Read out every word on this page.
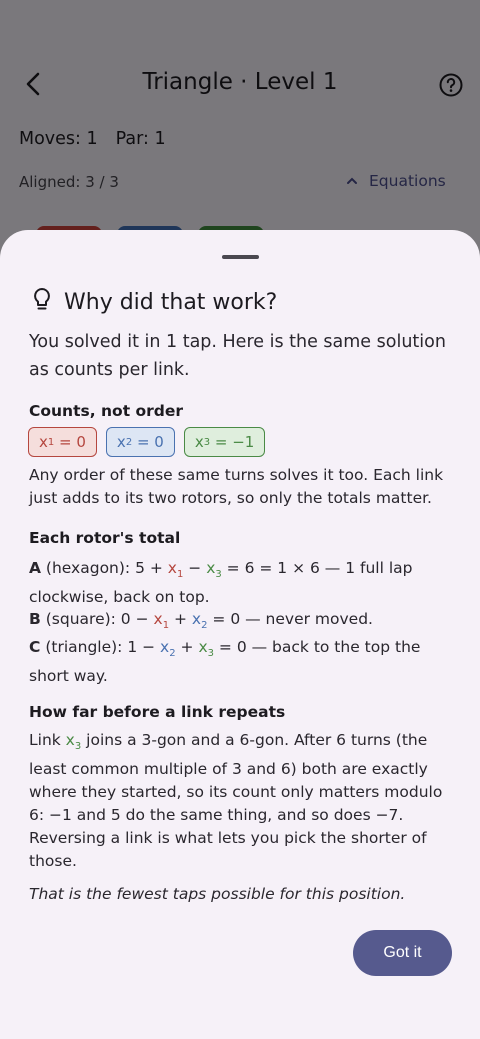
Why did that work?

You solved it in 1 tap. Here is the same solution as counts per link.

Counts, not order
x 1 = 0 x 2 = 0 x 3 = −1

Any order of these same turns solves it too. Each link just adds to its two rotors, so only the totals matter.

Each rotor's total

A (hexagon): $5 + x_1 - x_3 = 6 = 1 \times 6$ — 1 full lap clockwise, back on top.

B (square): $0 - x_1 + x_2 = 0$ — never moved.

C (triangle): $1 - x_2 + x_3 = 0$ — back to the top the short way.

How far before a link repeats

Link $x_3$ joins a 3-gon and a 6-gon. After 6 turns (the least common multiple of 3 and 6) both are exactly where they started, so its count only matters modulo 6: −1 and 5 do the same thing, and so does −7. Reversing a link is what lets you pick the shorter of those.

That is the fewest taps possible for this position.

Got it
